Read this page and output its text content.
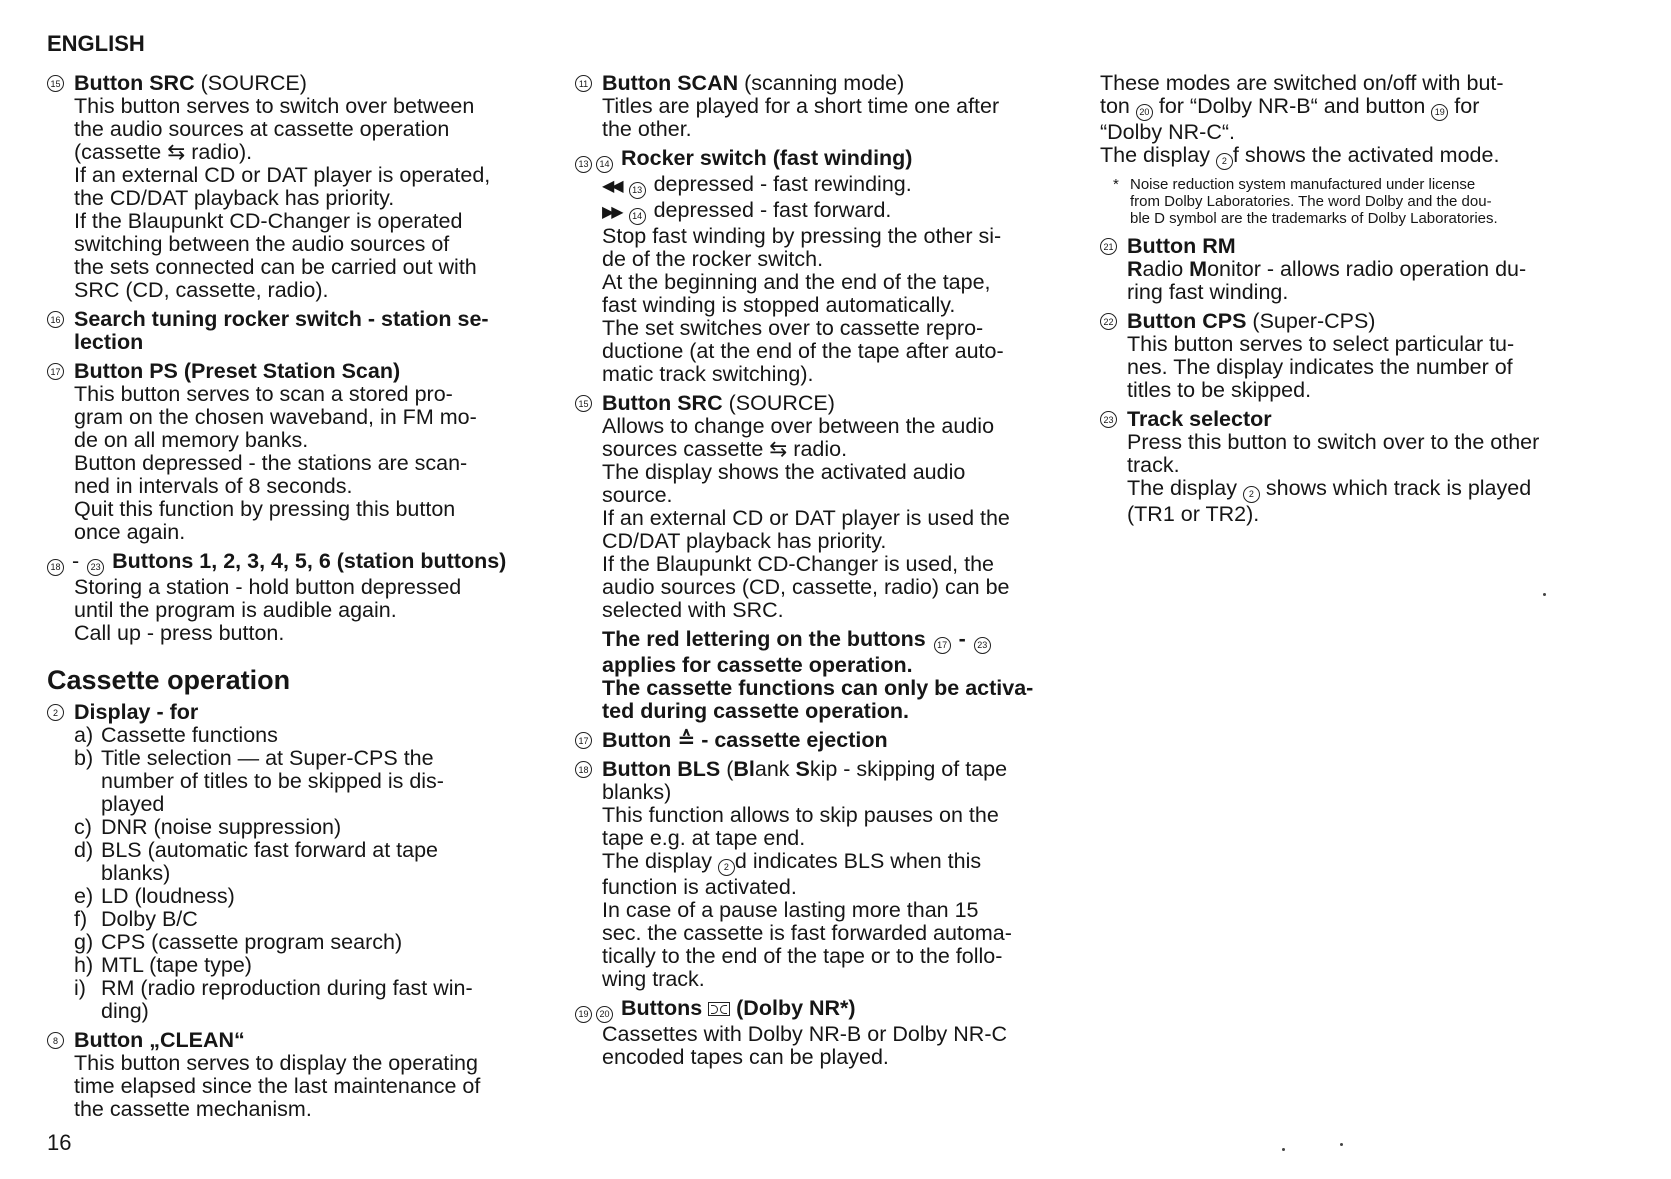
ENGLISH
15 Button SRC (SOURCE)
This button serves to switch over between
the audio sources at cassette operation
(cassette ⇆ radio).
If an external CD or DAT player is operated,
the CD/DAT playback has priority.
If the Blaupunkt CD-Changer is operated
switching between the audio sources of
the sets connected can be carried out with
SRC (CD, cassette, radio).
16 Search tuning rocker switch - station se-
lection
17 Button PS (Preset Station Scan)
This button serves to scan a stored pro-
gram on the chosen waveband, in FM mo-
de on all memory banks.
Button depressed - the stations are scan-
ned in intervals of 8 seconds.
Quit this function by pressing this button
once again.
18 - 23 Buttons 1, 2, 3, 4, 5, 6 (station buttons)
Storing a station - hold button depressed
until the program is audible again.
Call up - press button.
Cassette operation
2 Display - for
a) Cassette functions
b) Title selection — at Super-CPS the
number of titles to be skipped is dis-
played
c) DNR (noise suppression)
d) BLS (automatic fast forward at tape
blanks)
e) LD (loudness)
f) Dolby B/C
g) CPS (cassette program search)
h) MTL (tape type)
i) RM (radio reproduction during fast win-
ding)
8 Button „CLEAN“
This button serves to display the operating
time elapsed since the last maintenance of
the cassette mechanism.
11 Button SCAN (scanning mode)
Titles are played for a short time one after
the other.
13 14 Rocker switch (fast winding)
◀◀ 13 depressed - fast rewinding.
▶▶ 14 depressed - fast forward.
Stop fast winding by pressing the other si-
de of the rocker switch.
At the beginning and the end of the tape,
fast winding is stopped automatically.
The set switches over to cassette repro-
ductione (at the end of the tape after auto-
matic track switching).
15 Button SRC (SOURCE)
Allows to change over between the audio
sources cassette ⇆ radio.
The display shows the activated audio
source.
If an external CD or DAT player is used the
CD/DAT playback has priority.
If the Blaupunkt CD-Changer is used, the
audio sources (CD, cassette, radio) can be
selected with SRC.
The red lettering on the buttons 17 - 23
applies for cassette operation.
The cassette functions can only be activa-
ted during cassette operation.
17 Button ≙ - cassette ejection
18 Button BLS (Blank Skip - skipping of tape
blanks)
This function allows to skip pauses on the
tape e.g. at tape end.
The display 2 d indicates BLS when this
function is activated.
In case of a pause lasting more than 15
sec. the cassette is fast forwarded automa-
tically to the end of the tape or to the follo-
wing track.
19 20 Buttons  (Dolby NR*)
Cassettes with Dolby NR-B or Dolby NR-C
encoded tapes can be played.
These modes are switched on/off with but-
ton 20 for “Dolby NR-B“ and button 19 for
“Dolby NR-C“.
The display 2 f shows the activated mode.
* Noise reduction system manufactured under license
from Dolby Laboratories. The word Dolby and the dou-
ble D symbol are the trademarks of Dolby Laboratories.
21 Button RM
Radio Monitor - allows radio operation du-
ring fast winding.
22 Button CPS (Super-CPS)
This button serves to select particular tu-
nes. The display indicates the number of
titles to be skipped.
23 Track selector
Press this button to switch over to the other
track.
The display 2 shows which track is played
(TR1 or TR2).
16
